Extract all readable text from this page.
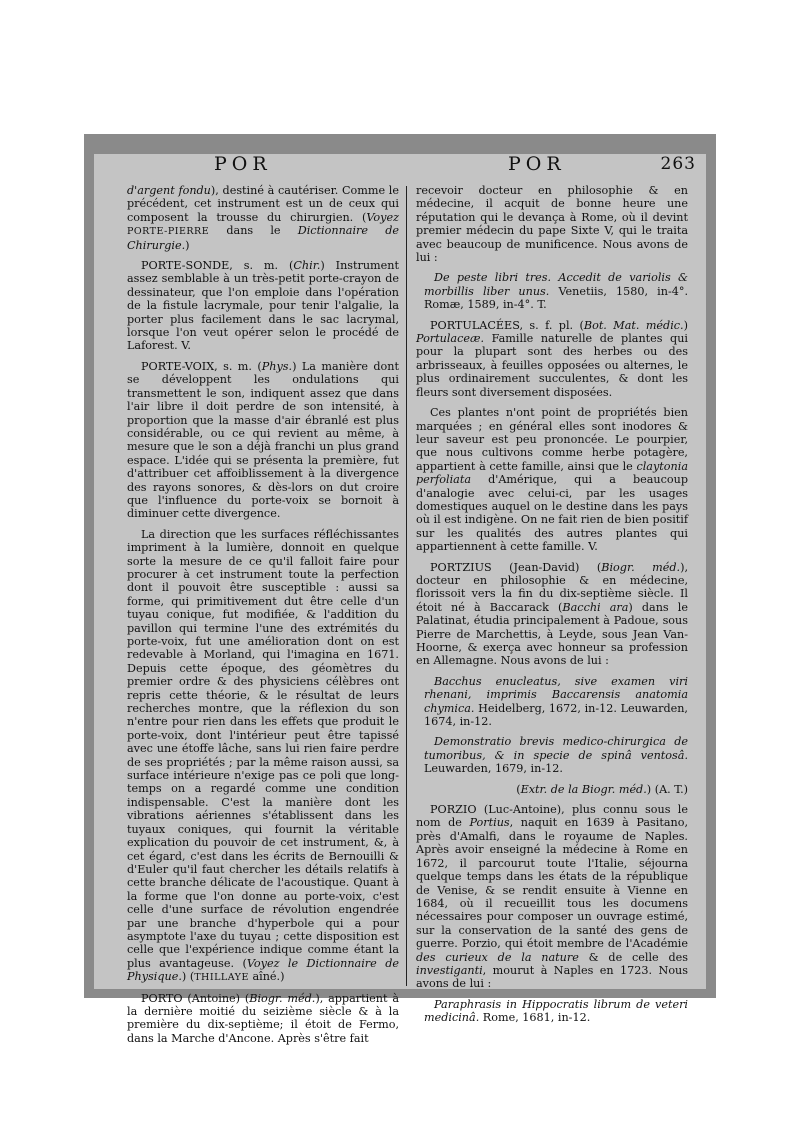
POR	POR	263

d'argent fondu), destiné à cautériser. Comme le précédent, cet instrument est un de ceux qui composent la trousse du chirurgien. (Voyez PORTE-PIERRE dans le Dictionnaire de Chirurgie.)

PORTE-SONDE, s. m. (Chir.) Instrument assez semblable à un très-petit porte-crayon de dessinateur, que l'on emploie dans l'opération de la fistule lacrymale, pour tenir l'algalie, la porter plus facilement dans le sac lacrymal, lorsque l'on veut opérer selon le procédé de Laforest. V.

PORTE-VOIX, s. m. (Phys.) La manière dont se développent les ondulations qui transmettent le son, indiquent assez que dans l'air libre il doit perdre de son intensité, à proportion que la masse d'air ébranlé est plus considérable, ou ce qui revient au même, à mesure que le son a déjà franchi un plus grand espace. L'idée qui se présenta la première, fut d'attribuer cet affoiblissement à la divergence des rayons sonores, & dès-lors on dut croire que l'influence du porte-voix se bornoit à diminuer cette divergence.

La direction que les surfaces réfléchissantes impriment à la lumière, donnoit en quelque sorte la mesure de ce qu'il falloit faire pour procurer à cet instrument toute la perfection dont il pouvoit être susceptible : aussi sa forme, qui primitivement dut être celle d'un tuyau conique, fut modifiée, & l'addition du pavillon qui termine l'une des extrémités du porte-voix, fut une amélioration dont on est redevable à Morland, qui l'imagina en 1671. Depuis cette époque, des géomètres du premier ordre & des physiciens célèbres ont repris cette théorie, & le résultat de leurs recherches montre, que la réflexion du son n'entre pour rien dans les effets que produit le porte-voix, dont l'intérieur peut être tapissé avec une étoffe lâche, sans lui rien faire perdre de ses propriétés ; par la même raison aussi, sa surface intérieure n'exige pas ce poli que long-temps on a regardé comme une condition indispensable. C'est la manière dont les vibrations aériennes s'établissent dans les tuyaux coniques, qui fournit la véritable explication du pouvoir de cet instrument, &, à cet égard, c'est dans les écrits de Bernouilli & d'Euler qu'il faut chercher les détails relatifs à cette branche délicate de l'acoustique. Quant à la forme que l'on donne au porte-voix, c'est celle d'une surface de révolution engendrée par une branche d'hyperbole qui a pour asymptote l'axe du tuyau ; cette disposition est celle que l'expérience indique comme étant la plus avantageuse. (Voyez le Dictionnaire de Physique.) (THILLAYE aîné.)

PORTO (Antoine) (Biogr. méd.), appartient à la dernière moitié du seizième siècle & à la première du dix-septième; il étoit de Fermo, dans la Marche d'Ancone. Après s'être fait

recevoir docteur en philosophie & en médecine, il acquit de bonne heure une réputation qui le devança à Rome, où il devint premier médecin du pape Sixte V, qui le traita avec beaucoup de munificence. Nous avons de lui :

De peste libri tres. Accedit de variolis & morbillis liber unus. Venetiis, 1580, in-4°. Romæ, 1589, in-4°. T.

PORTULACÉES, s. f. pl. (Bot. Mat. médic.) Portulaceæ. Famille naturelle de plantes qui pour la plupart sont des herbes ou des arbrisseaux, à feuilles opposées ou alternes, le plus ordinairement succulentes, & dont les fleurs sont diversement disposées.

Ces plantes n'ont point de propriétés bien marquées ; en général elles sont inodores & leur saveur est peu prononcée. Le pourpier, que nous cultivons comme herbe potagère, appartient à cette famille, ainsi que le claytonia perfoliata d'Amérique, qui a beaucoup d'analogie avec celui-ci, par les usages domestiques auquel on le destine dans les pays où il est indigène. On ne fait rien de bien positif sur les qualités des autres plantes qui appartiennent à cette famille. V.

PORTZIUS (Jean-David) (Biogr. méd.), docteur en philosophie & en médecine, florissoit vers la fin du dix-septième siècle. Il étoit né à Baccarack (Bacchi ara) dans le Palatinat, étudia principalement à Padoue, sous Pierre de Marchettis, à Leyde, sous Jean Van-Hoorne, & exerça avec honneur sa profession en Allemagne. Nous avons de lui :

Bacchus enucleatus, sive examen viri rhenani, imprimis Baccarensis anatomia chymica. Heidelberg, 1672, in-12. Leuwarden, 1674, in-12.

Demonstratio brevis medico-chirurgica de tumoribus, & in specie de spinâ ventosâ. Leuwarden, 1679, in-12.

(Extr. de la Biogr. méd.) (A. T.)

PORZIO (Luc-Antoine), plus connu sous le nom de Portius, naquit en 1639 à Pasitano, près d'Amalfi, dans le royaume de Naples. Après avoir enseigné la médecine à Rome en 1672, il parcourut toute l'Italie, séjourna quelque temps dans les états de la république de Venise, & se rendit ensuite à Vienne en 1684, où il recueillit tous les documens nécessaires pour composer un ouvrage estimé, sur la conservation de la santé des gens de guerre. Porzio, qui étoit membre de l'Académie des curieux de la nature & de celle des investiganti, mourut à Naples en 1723. Nous avons de lui :

Paraphrasis in Hippocratis librum de veteri medicinâ. Rome, 1681, in-12.
